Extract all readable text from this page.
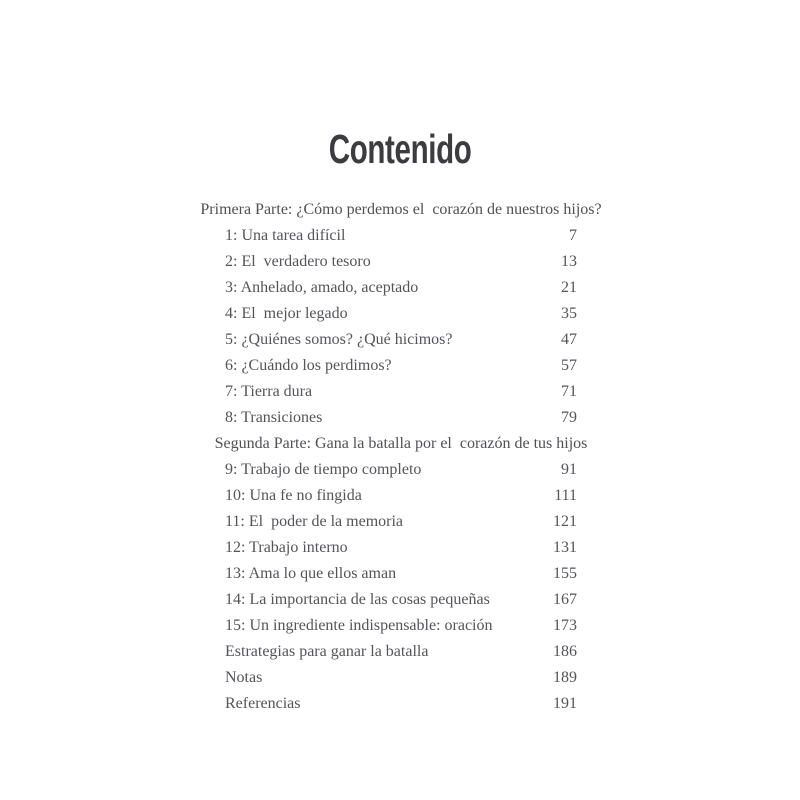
Contenido
Primera Parte: ¿Cómo perdemos el  corazón de nuestros hijos?
1: Una tarea difícil	7
2: El  verdadero tesoro	13
3: Anhelado, amado, aceptado	21
4: El  mejor legado	35
5: ¿Quiénes somos? ¿Qué hicimos?	47
6: ¿Cuándo los perdimos?	57
7: Tierra dura	71
8: Transiciones	79
Segunda Parte: Gana la batalla por el  corazón de tus hijos
9: Trabajo de tiempo completo	91
10: Una fe no fingida	111
11: El  poder de la memoria	121
12: Trabajo interno	131
13: Ama lo que ellos aman	155
14: La importancia de las cosas pequeñas	167
15: Un ingrediente indispensable: oración	173
Estrategias para ganar la batalla	186
Notas	189
Referencias	191
